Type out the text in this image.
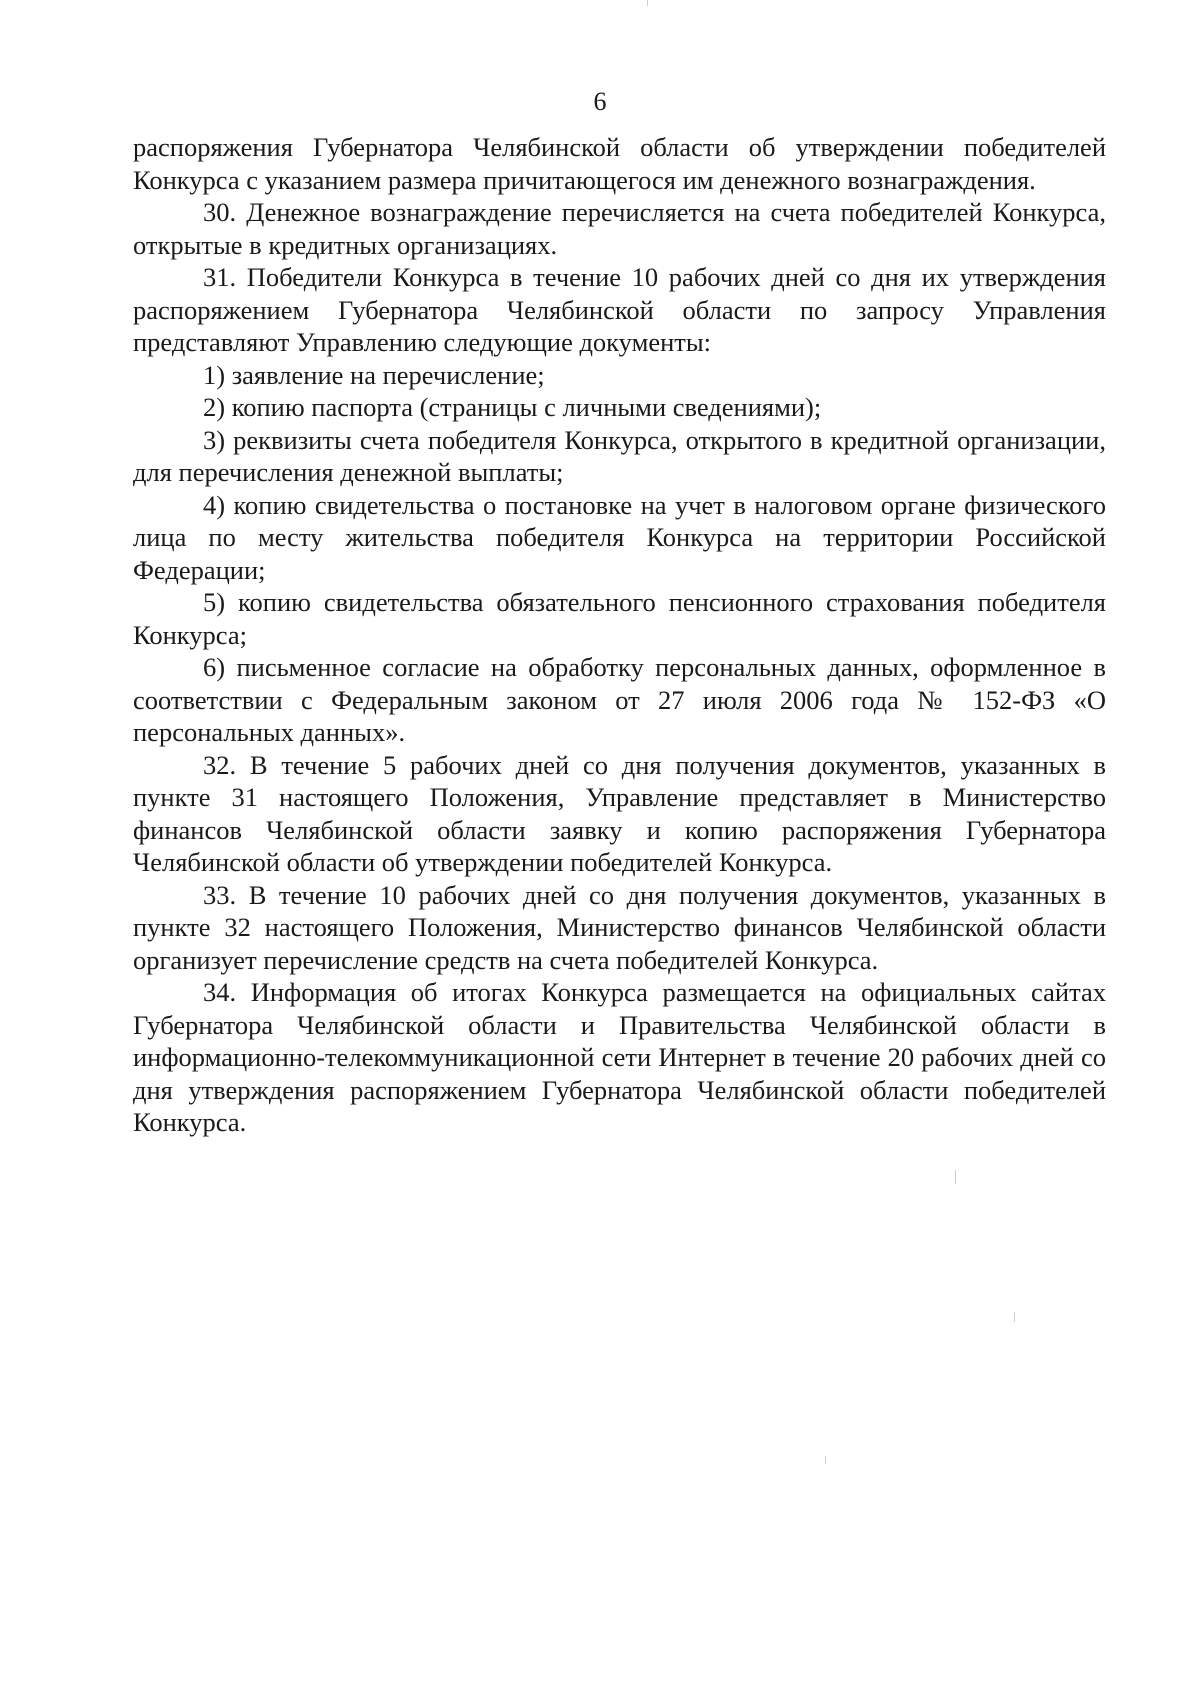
6

распоряжения Губернатора Челябинской области об утверждении победителей Конкурса с указанием размера причитающегося им денежного вознаграждения.

30. Денежное вознаграждение перечисляется на счета победителей Конкурса, открытые в кредитных организациях.

31. Победители Конкурса в течение 10 рабочих дней со дня их утверждения распоряжением Губернатора Челябинской области по запросу Управления представляют Управлению следующие документы:

1) заявление на перечисление;

2) копию паспорта (страницы с личными сведениями);

3) реквизиты счета победителя Конкурса, открытого в кредитной организации, для перечисления денежной выплаты;

4) копию свидетельства о постановке на учет в налоговом органе физического лица по месту жительства победителя Конкурса на территории Российской Федерации;

5) копию свидетельства обязательного пенсионного страхования победителя Конкурса;

6) письменное согласие на обработку персональных данных, оформленное в соответствии с Федеральным законом от 27 июля 2006 года № 152-ФЗ «О персональных данных».

32. В течение 5 рабочих дней со дня получения документов, указанных в пункте 31 настоящего Положения, Управление представляет в Министерство финансов Челябинской области заявку и копию распоряжения Губернатора Челябинской области об утверждении победителей Конкурса.

33. В течение 10 рабочих дней со дня получения документов, указанных в пункте 32 настоящего Положения, Министерство финансов Челябинской области организует перечисление средств на счета победителей Конкурса.

34. Информация об итогах Конкурса размещается на официальных сайтах Губернатора Челябинской области и Правительства Челябинской области в информационно-телекоммуникационной сети Интернет в течение 20 рабочих дней со дня утверждения распоряжением Губернатора Челябинской области победителей Конкурса.
